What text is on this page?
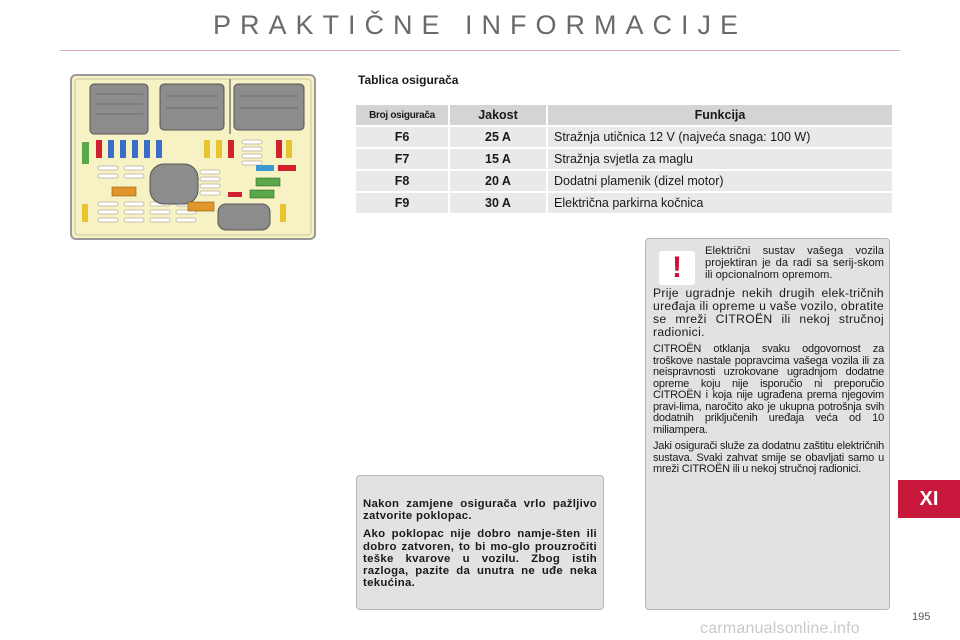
PRAKTIČNE INFORMACIJE
Tablica osigurača
Broj osigurača	Jakost	Funkcija
F6	25 A	Stražnja utičnica 12 V (najveća snaga: 100 W)
F7	15 A	Stražnja svjetla za maglu
F8	20 A	Dodatni plamenik (dizel motor)
F9	30 A	Električna parkirna kočnica
!	Električni sustav vašega vozila projektiran je da radi sa serij-skom ili opcionalnom opremom.

Prije ugradnje nekih drugih elek-tričnih uređaja ili opreme u vaše vozilo, obratite se mreži CITROËN ili nekoj stručnoj radionici.

CITROËN otklanja svaku odgovornost za troškove nastale popravcima vašega vozila ili za neispravnosti uzrokovane ugradnjom dodatne opreme koju nije isporučio ni preporučio CITROËN i koja nije ugrađena prema njegovim pravi-lima, naročito ako je ukupna potrošnja svih dodatnih priključenih uređaja veća od 10 miliampera.

Jaki osigurači služe za dodatnu zaštitu električnih sustava. Svaki zahvat smije se obavljati samo u mreži CITROËN ili u nekoj stručnoj radionici.

Nakon zamjene osigurača vrlo pažljivo zatvorite poklopac.

Ako poklopac nije dobro namje-šten ili dobro zatvoren, to bi mo-glo prouzročiti teške kvarove u vozilu. Zbog istih razloga, pazite da unutra ne uđe neka tekućina.

XI
195
carmanualsonline.info
